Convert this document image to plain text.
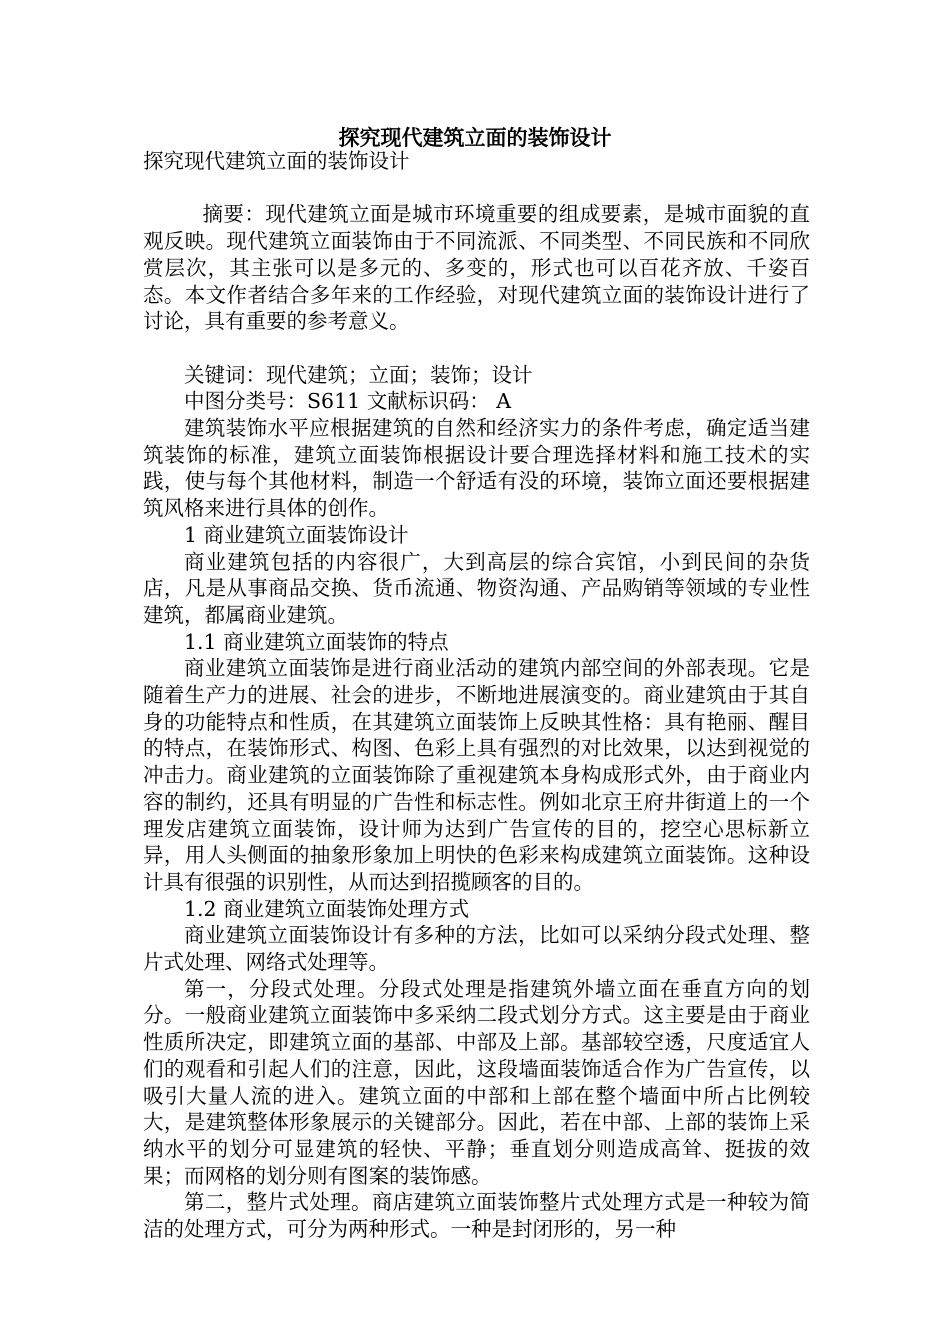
探究现代建筑立面的装饰设计

探究现代建筑立面的装饰设计

摘要：现代建筑立面是城市环境重要的组成要素，是城市面貌的直观反映。现代建筑立面装饰由于不同流派、不同类型、不同民族和不同欣赏层次，其主张可以是多元的、多变的，形式也可以百花齐放、千姿百态。本文作者结合多年来的工作经验，对现代建筑立面的装饰设计进行了讨论，具有重要的参考意义。

关键词：现代建筑；立面；装饰；设计

中图分类号：S611 文献标识码： A

建筑装饰水平应根据建筑的自然和经济实力的条件考虑，确定适当建筑装饰的标准，建筑立面装饰根据设计要合理选择材料和施工技术的实践，使与每个其他材料，制造一个舒适有没的环境，装饰立面还要根据建筑风格来进行具体的创作。

1 商业建筑立面装饰设计

商业建筑包括的内容很广，大到高层的综合宾馆，小到民间的杂货店，凡是从事商品交换、货币流通、物资沟通、产品购销等领域的专业性建筑，都属商业建筑。

1.1 商业建筑立面装饰的特点

商业建筑立面装饰是进行商业活动的建筑内部空间的外部表现。它是随着生产力的进展、社会的进步，不断地进展演变的。商业建筑由于其自身的功能特点和性质，在其建筑立面装饰上反映其性格：具有艳丽、醒目的特点，在装饰形式、构图、色彩上具有强烈的对比效果，以达到视觉的冲击力。商业建筑的立面装饰除了重视建筑本身构成形式外，由于商业内容的制约，还具有明显的广告性和标志性。例如北京王府井街道上的一个理发店建筑立面装饰，设计师为达到广告宣传的目的，挖空心思标新立异，用人头侧面的抽象形象加上明快的色彩来构成建筑立面装饰。这种设计具有很强的识别性，从而达到招揽顾客的目的。

1.2 商业建筑立面装饰处理方式

商业建筑立面装饰设计有多种的方法，比如可以采纳分段式处理、整片式处理、网络式处理等。

第一，分段式处理。分段式处理是指建筑外墙立面在垂直方向的划分。一般商业建筑立面装饰中多采纳二段式划分方式。这主要是由于商业性质所决定，即建筑立面的基部、中部及上部。基部较空透，尺度适宜人们的观看和引起人们的注意，因此，这段墙面装饰适合作为广告宣传，以吸引大量人流的进入。建筑立面的中部和上部在整个墙面中所占比例较大，是建筑整体形象展示的关键部分。因此，若在中部、上部的装饰上采纳水平的划分可显建筑的轻快、平静；垂直划分则造成高耸、挺拔的效果；而网格的划分则有图案的装饰感。

第二，整片式处理。商店建筑立面装饰整片式处理方式是一种较为简洁的处理方式，可分为两种形式。一种是封闭形的，另一种
